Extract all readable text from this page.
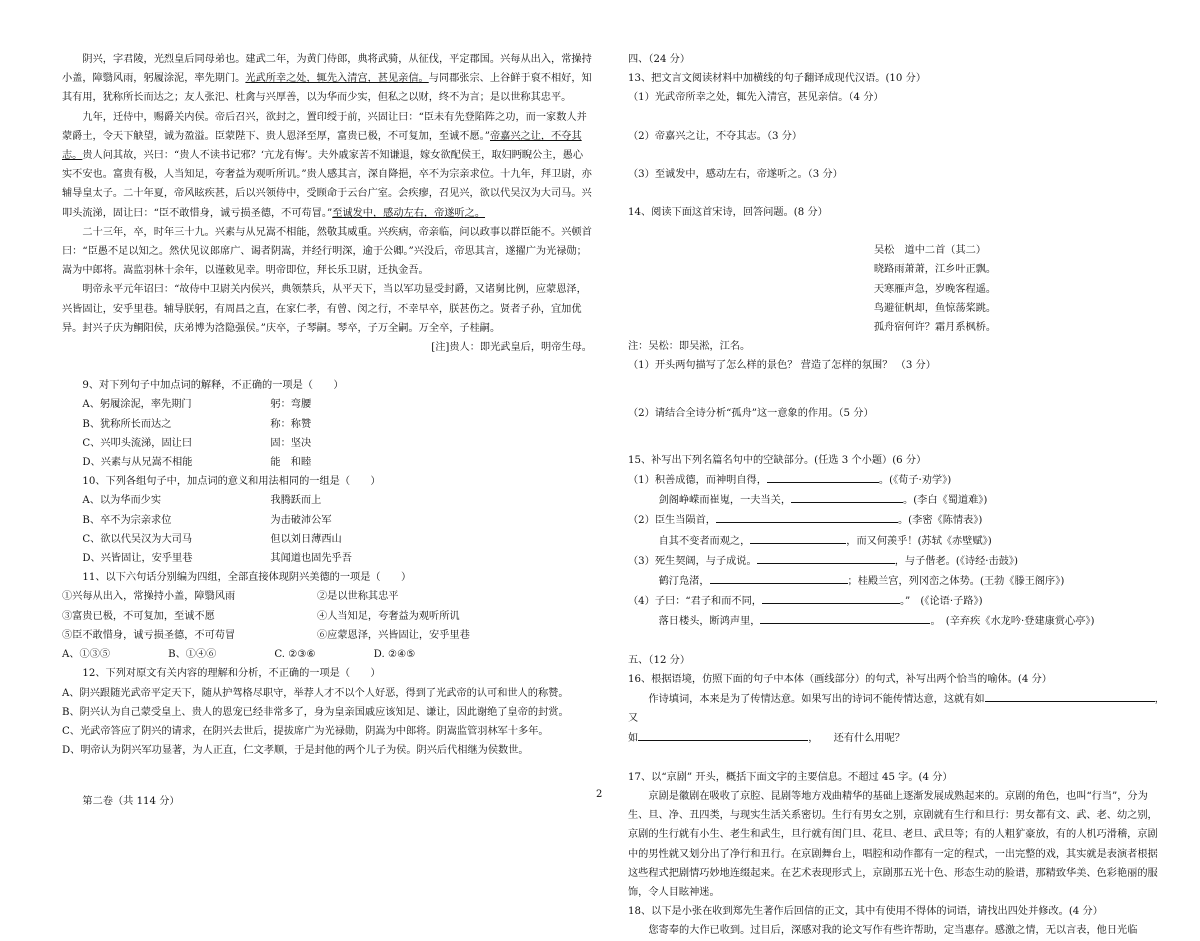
阴兴，字君陵，光烈皇后同母弟也。建武二年，为黄门侍郎，典将武骑，从征伐，平定郡国。兴每从出入，常操持小盖，障翳风雨，躬履涂泥，率先期门。光武所幸之处，辄先入清宫，甚见亲信。与同郡张宗、上谷鲜于裒不相好，知其有用，犹称所长而达之；友人张汜、杜禽与兴厚善，以为华而少实，但私之以财，终不为言；是以世称其忠平。

九年，迁侍中，赐爵关内侯。帝后召兴，欲封之，置印绶于前，兴固让曰：“臣未有先登陷阵之功，而一家数人并蒙爵土，令天下觖望，诚为盈溢。臣蒙陛下、贵人恩泽至厚，富贵已极，不可复加，至诚不愿。”帝嘉兴之让，不夺其志。贵人问其故，兴曰：“贵人不读书记邪？‘亢龙有悔’。夫外戚家苦不知谦退，嫁女欲配侯王，取妇眄睨公主，愚心实不安也。富贵有极，人当知足，夸奢益为观听所讥。”贵人感其言，深自降挹，卒不为宗亲求位。十九年，拜卫尉，亦辅导皇太子。二十年夏，帝风眩疾甚，后以兴领侍中，受顾命于云台广室。会疾瘳，召见兴，欲以代吴汉为大司马。兴叩头流涕，固让曰：“臣不敢惜身，诚亏损圣德，不可苟冒。”至诚发中，感动左右，帝遂听之。

二十三年，卒，时年三十九。兴素与从兄嵩不相能，然敬其威重。兴疾病，帝亲临，问以政事以群臣能不。兴顿首曰：“臣愚不足以知之。然伏见议郎席广、谒者阴嵩，并经行明深，逾于公卿。”兴没后，帝思其言，遂擢广为光禄勋；嵩为中郎将。嵩监羽林十余年，以谨敕见幸。明帝即位，拜长乐卫尉，迁执金吾。

明帝永平元年诏曰：“故侍中卫尉关内侯兴，典领禁兵，从平天下，当以军功显受封爵，又诸舅比例，应蒙恩泽，兴皆固让，安乎里巷。辅导朕躬，有周昌之直，在家仁孝，有曾、闵之行，不幸早卒，朕甚伤之。贤者子孙，宜加优异。封兴子庆为鲖阳侯，庆弟博为浛隐强侯。”庆卒，子琴嗣。琴卒，子万全嗣。万全卒，子桂嗣。

[注]贵人：即光武皇后，明帝生母。

9、对下列句子中加点词的解释，不正确的一项是（　　）

A、躬履涂泥，率先期门	躬：弯腰
B、犹称所长而达之	称：称赞
C、兴叩头流涕，固让曰	固：坚决
D、兴素与从兄嵩不相能	能　和睦

10、下列各组句子中，加点词的意义和用法相同的一组是（　　）

A、以为华而少实	我腾跃而上
B、卒不为宗亲求位	为击破沛公军
C、欲以代吴汉为大司马	但以刘日薄西山
D、兴皆固让，安乎里巷	其闻道也固先乎吾

11、以下六句话分别编为四组，全部直接体现阴兴美德的一项是（　　）

①兴每从出入，常操持小盖，障翳风雨	②是以世称其忠平
③富贵已极，不可复加，至诚不愿	④人当知足，夸奢益为观听所讥
⑤臣不敢惜身，诚亏损圣德，不可苟冒	⑥应蒙恩泽，兴皆固让，安乎里巷
A、①③⑤	B、①④⑥	C. ②③⑥	D. ②④⑤

12、下列对原文有关内容的理解和分析，不正确的一项是（　　）

A、阴兴跟随光武帝平定天下，随从护驾格尽职守，举荐人才不以个人好恶，得到了光武帝的认可和世人的称赞。

B、阴兴认为自己蒙受皇上、贵人的恩宠已经非常多了，身为皇亲国戚应该知足、谦让，因此谢绝了皇帝的封赏。

C、光武帝答应了阴兴的请求，在阴兴去世后，提拔席广为光禄勋，阴嵩为中郎将。阴嵩监管羽林军十多年。

D、明帝认为阴兴军功显著，为人正直，仁文孝顺，于是封他的两个儿子为侯。阴兴后代相继为侯数世。

第二卷（共 114 分）

四、（24 分）

13、把文言文阅读材料中加横线的句子翻译成现代汉语。(10 分）

（1）光武帝所幸之处，辄先入清宫，甚见亲信。（4 分）

（2）帝嘉兴之让，不夺其志。（3 分）

（3）至诚发中，感动左右，帝遂听之。（3 分）

14、阅读下面这首宋诗，回答问题。(8 分）

吴松　道中二首（其二）

晓路雨萧萧，江乡叶正飘。

天寒雁声急，岁晚客程遥。

鸟避征帆却，鱼惊荡桨跳。

孤舟宿何许？霜月系枫桥。

注：吴松：即吴淞，江名。

（1）开头两句描写了怎么样的景色？ 营造了怎样的氛围？ （3 分）

（2）请结合全诗分析“孤舟”这一意象的作用。（5 分）

15、补写出下列名篇名句中的空缺部分。(任选 3 个小题）(6 分）

（1）积善成德，而神明自得，	。(《荀子·劝学》)

剑阁峥嵘而崔嵬，一夫当关，	。(李白《蜀道难》)

（2）臣生当陨首，	。(李密《陈情表》)

自其不变者而观之，	，而又何羡乎！(苏轼《赤壁赋》)

（3）死生契阔，与子成说。	，与子偕老。(《诗经·击鼓》)

鹤汀凫渚，	；桂殿兰宫，列冈峦之体势。(王勃《滕王阁序》)

（4）子曰：“君子和而不同，	。”　(《论语·子路》)

落日楼头，断鸿声里，	。　(辛弃疾《水龙吟·登建康赏心亭》)

五、（12 分）

16、根据语境，仿照下面的句子中本体（画线部分）的句式，补写出两个恰当的喻体。(4 分）

作诗填词，本来是为了传情达意。如果写出的诗词不能传情达意，这就有如	，　　又

如	，　　还有什么用呢？

17、以“京剧” 开头，概括下面文字的主要信息。不超过 45 字。(4 分）

京剧是徽剧在吸收了京腔、昆剧等地方戏曲精华的基础上逐渐发展成熟起来的。京剧的角色，也叫“行当”，分为生、旦、净、丑四类，与现实生活关系密切。生行有男女之别，京剧就有生行和旦行：男女都有文、武、老、幼之别，京剧的生行就有小生、老生和武生，旦行就有闺门旦、花旦、老旦、武旦等；有的人粗犷豪放，有的人机巧滑稽，京剧中的男性就又划分出了净行和丑行。在京剧舞台上，唱腔和动作都有一定的程式，一出完整的戏，其实就是表演者根据这些程式把剧情巧妙地连缀起来。在艺术表现形式上，京剧那五光十色、形态生动的脸谱，那精致华美、色彩艳丽的服饰，令人目眩神迷。

18、以下是小张在收到郑先生著作后回信的正文，其中有使用不得体的词语，请找出四处并修改。(4 分）

您寄奉的大作已收到。过目后，深感对我的论文写作有些许帮助，定当惠存。感激之情，无以言表，他日光临

2
